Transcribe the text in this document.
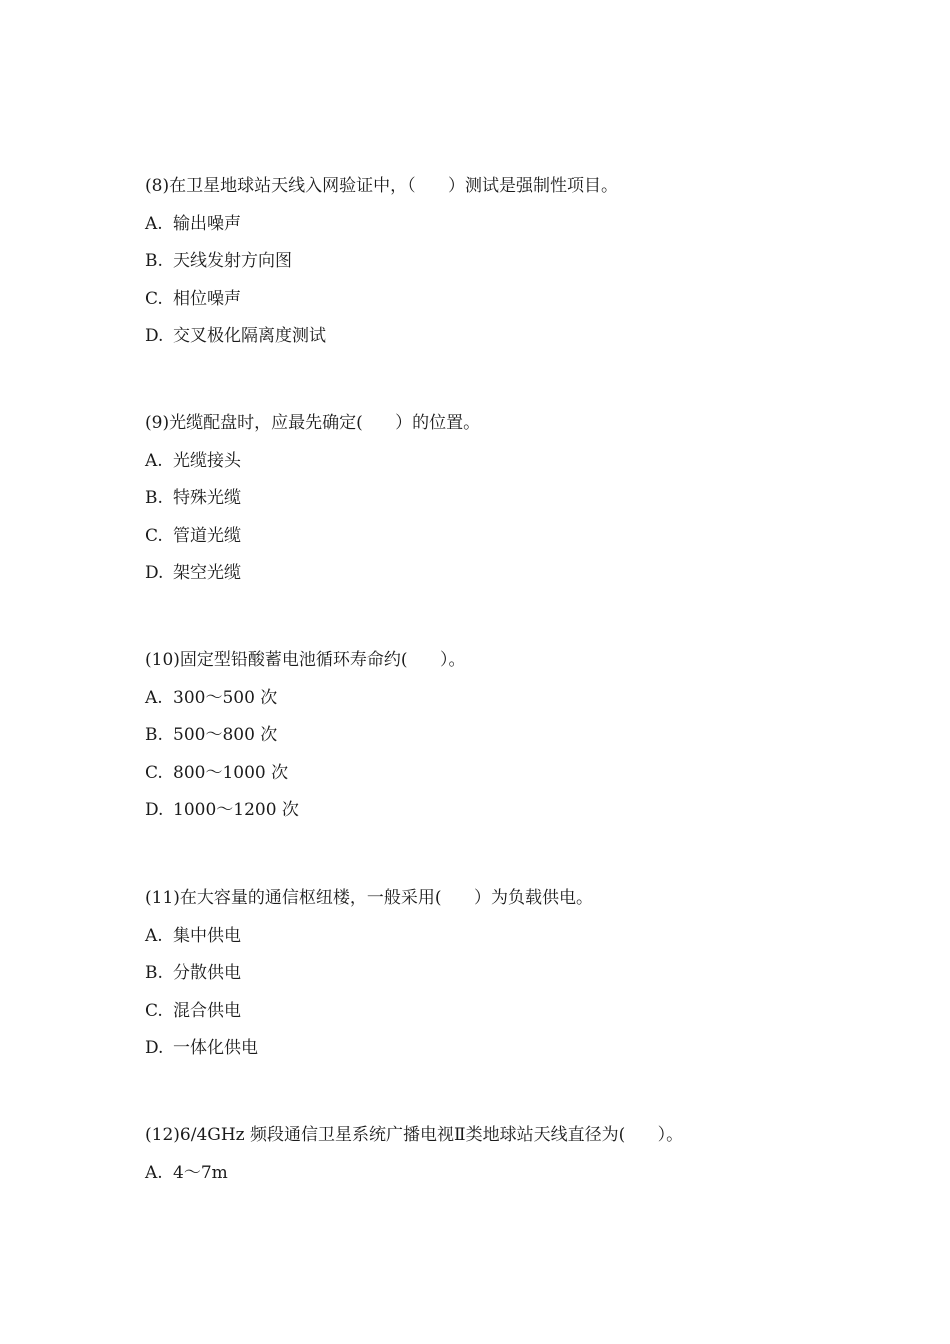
(8)在卫星地球站天线入网验证中，（      ）测试是强制性项目。
A. 输出噪声
B. 天线发射方向图
C. 相位噪声
D. 交叉极化隔离度测试
(9)光缆配盘时，应最先确定(      ）的位置。
A. 光缆接头
B. 特殊光缆
C. 管道光缆
D. 架空光缆
(10)固定型铅酸蓄电池循环寿命约(      ）。
A. 300～500 次
B. 500～800 次
C. 800～1000 次
D. 1000～1200 次
(11)在大容量的通信枢纽楼，一般采用(      ）为负载供电。
A. 集中供电
B. 分散供电
C. 混合供电
D. 一体化供电
(12)6/4GHz 频段通信卫星系统广播电视Ⅱ类地球站天线直径为(      ）。
A. 4～7m
